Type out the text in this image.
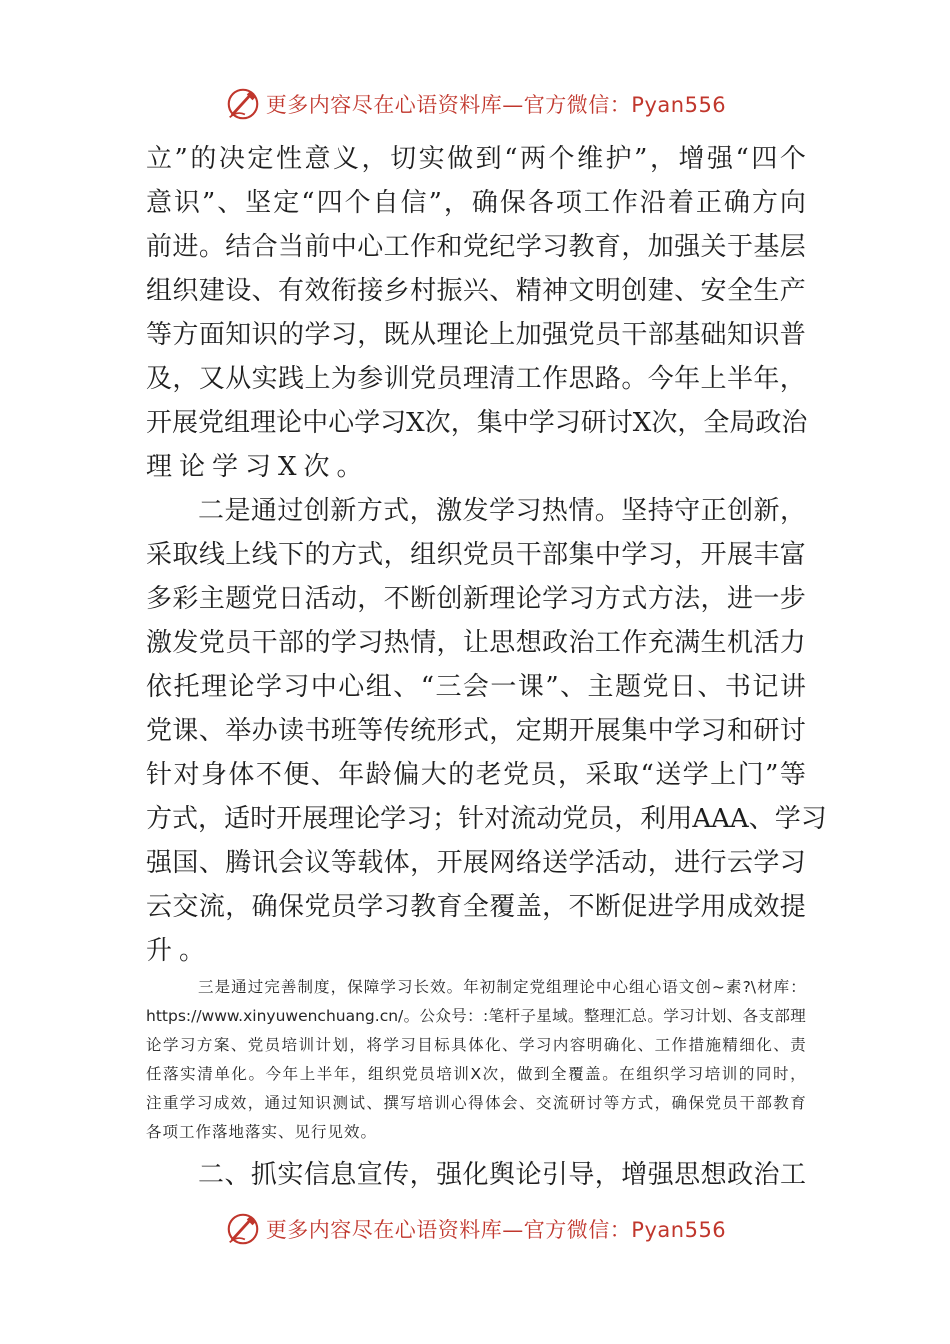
更多内容尽在心语资料库—官方微信：Pyan556
立 ” 的 决 定 性 意 义 ， 切 实 做 到 “ 两 个 维 护 ” ， 增 强 “ 四 个
意 识 ” 、 坚 定 “ 四 个 自 信 ” ， 确 保 各 项 工 作 沿 着 正 确 方 向
前 进 。 结 合 当 前 中 心 工 作 和 党 纪 学 习 教 育 ， 加 强 关 于 基 层
组 织 建 设 、 有 效 衔 接 乡 村 振 兴 、 精 神 文 明 创 建 、 安 全 生 产
等 方 面 知 识 的 学 习 ， 既 从 理 论 上 加 强 党 员 干 部 基 础 知 识 普
及 ， 又 从 实 践 上 为 参 训 党 员 理 清 工 作 思 路 。 今 年 上 半 年 ，
开 展 党 组 理 论 中 心 学 习 X 次 ， 集 中 学 习 研 讨 X 次 ， 全 局 政 治
理论学习X次。
二 是 通 过 创 新 方 式 ， 激 发 学 习 热 情 。 坚 持 守 正 创 新 ，
采 取 线 上 线 下 的 方 式 ， 组 织 党 员 干 部 集 中 学 习 ， 开 展 丰 富
多 彩 主 题 党 日 活 动 ， 不 断 创 新 理 论 学 习 方 式 方 法 ， 进 一 步
激 发 党 员 干 部 的 学 习 热 情 ， 让 思 想 政 治 工 作 充 满 生 机 活 力
依 托 理 论 学 习 中 心 组 、 “ 三 会 一 课 ” 、 主 题 党 日 、 书 记 讲
党 课 、 举 办 读 书 班 等 传 统 形 式 ， 定 期 开 展 集 中 学 习 和 研 讨
针 对 身 体 不 便 、 年 龄 偏 大 的 老 党 员 ， 采 取 “ 送 学 上 门 ” 等
方 式 ， 适 时 开 展 理 论 学 习 ； 针 对 流 动 党 员 ， 利 用 AAA 、 学 习
强 国 、 腾 讯 会 议 等 载 体 ， 开 展 网 络 送 学 活 动 ， 进 行 云 学 习
云 交 流 ， 确 保 党 员 学 习 教 育 全 覆 盖 ， 不 断 促 进 学 用 成 效 提
升。
三 是 通 过 完 善 制 度 ， 保 障 学 习 长 效 。 年 初 制 定 党 组 理 论 中 心 组 心 语 文 创 ~ 素 ?\ 材 库 ：
https://www.xinyuwenchuang.cn/ 。 公 众 号 ： : 笔 杆 子 星 域 。 整 理 汇 总 。 学 习 计 划 、 各 支 部 理
论 学 习 方 案 、 党 员 培 训 计 划 ， 将 学 习 目 标 具 体 化 、 学 习 内 容 明 确 化 、 工 作 措 施 精 细 化 、 责
任 落 实 清 单 化 。 今 年 上 半 年 ， 组 织 党 员 培 训 X 次 ， 做 到 全 覆 盖 。 在 组 织 学 习 培 训 的 同 时 ，
注 重 学 习 成 效 ， 通 过 知 识 测 试 、 撰 写 培 训 心 得 体 会 、 交 流 研 讨 等 方 式 ， 确 保 党 员 干 部 教 育
各项工作落地落实、见行见效。
二 、 抓 实 信 息 宣 传 ， 强 化 舆 论 引 导 ， 增 强 思 想 政 治 工
更多内容尽在心语资料库—官方微信：Pyan556
